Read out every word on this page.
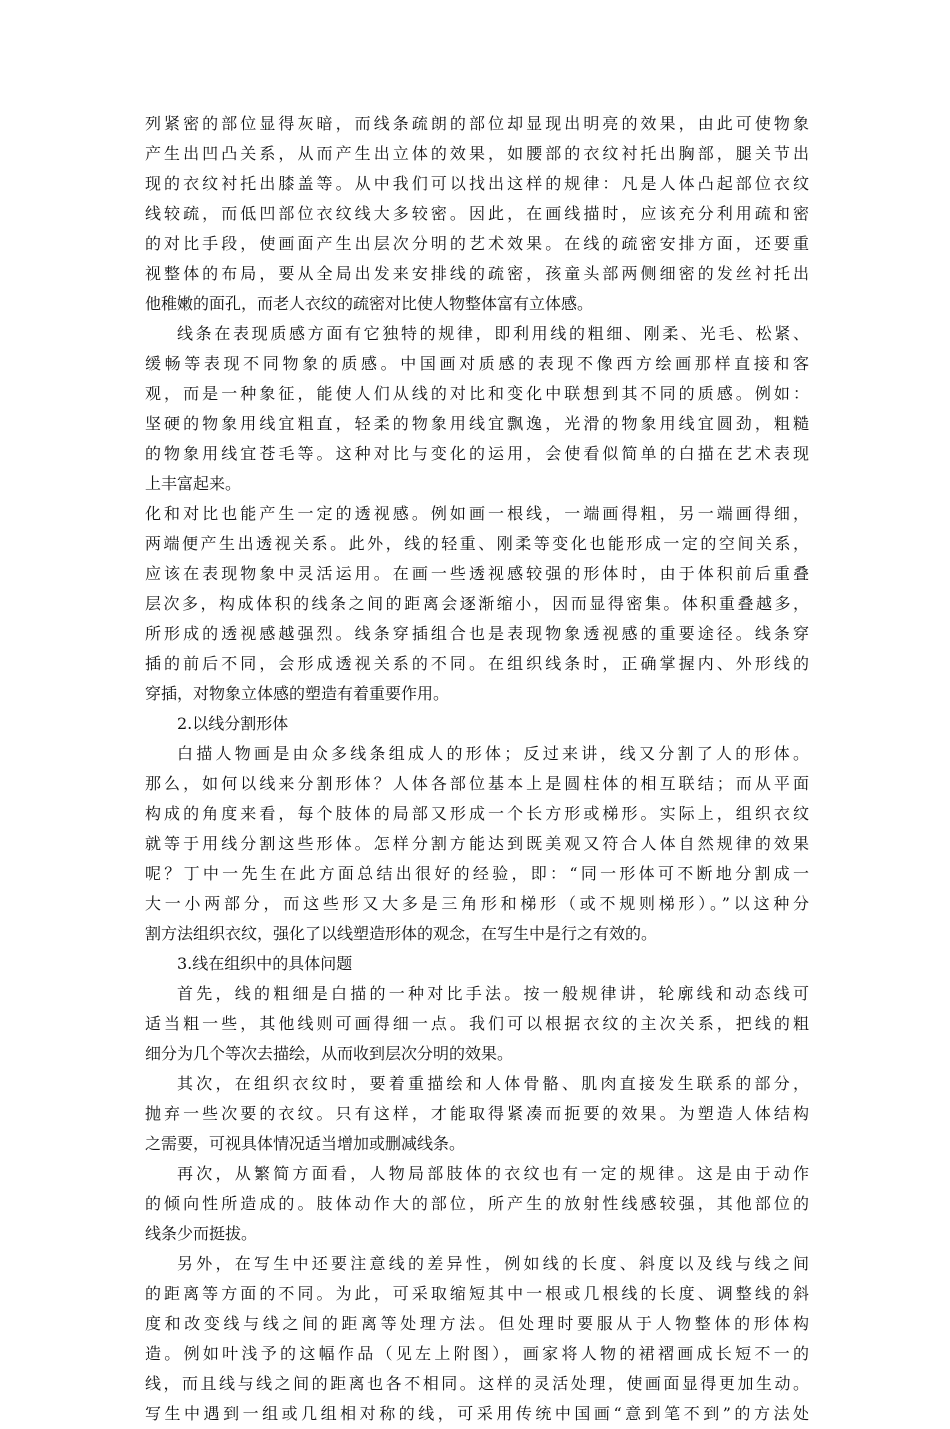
列紧密的部位显得灰暗，而线条疏朗的部位却显现出明亮的效果，由此可使物象
产生出凹凸关系，从而产生出立体的效果，如腰部的衣纹衬托出胸部，腿关节出
现的衣纹衬托出膝盖等。从中我们可以找出这样的规律：凡是人体凸起部位衣纹
线较疏，而低凹部位衣纹线大多较密。因此，在画线描时，应该充分利用疏和密
的对比手段，使画面产生出层次分明的艺术效果。在线的疏密安排方面，还要重
视整体的布局，要从全局出发来安排线的疏密，孩童头部两侧细密的发丝衬托出
他稚嫩的面孔，而老人衣纹的疏密对比使人物整体富有立体感。
线条在表现质感方面有它独特的规律，即利用线的粗细、刚柔、光毛、松紧、
缓畅等表现不同物象的质感。中国画对质感的表现不像西方绘画那样直接和客
观，而是一种象征，能使人们从线的对比和变化中联想到其不同的质感。例如：
坚硬的物象用线宜粗直，轻柔的物象用线宜飘逸，光滑的物象用线宜圆劲，粗糙
的物象用线宜苍毛等。这种对比与变化的运用，会使看似简单的白描在艺术表现
上丰富起来。
化和对比也能产生一定的透视感。例如画一根线，一端画得粗，另一端画得细，
两端便产生出透视关系。此外，线的轻重、刚柔等变化也能形成一定的空间关系，
应该在表现物象中灵活运用。在画一些透视感较强的形体时，由于体积前后重叠
层次多，构成体积的线条之间的距离会逐渐缩小，因而显得密集。体积重叠越多，
所形成的透视感越强烈。线条穿插组合也是表现物象透视感的重要途径。线条穿
插的前后不同，会形成透视关系的不同。在组织线条时，正确掌握内、外形线的
穿插，对物象立体感的塑造有着重要作用。
2.以线分割形体
白描人物画是由众多线条组成人的形体；反过来讲，线又分割了人的形体。
那么，如何以线来分割形体？人体各部位基本上是圆柱体的相互联结；而从平面
构成的角度来看，每个肢体的局部又形成一个长方形或梯形。实际上，组织衣纹
就等于用线分割这些形体。怎样分割方能达到既美观又符合人体自然规律的效果
呢？丁中一先生在此方面总结出很好的经验，即：“同一形体可不断地分割成一
大一小两部分，而这些形又大多是三角形和梯形（或不规则梯形）。”以这种分
割方法组织衣纹，强化了以线塑造形体的观念，在写生中是行之有效的。
3.线在组织中的具体问题
首先，线的粗细是白描的一种对比手法。按一般规律讲，轮廓线和动态线可
适当粗一些，其他线则可画得细一点。我们可以根据衣纹的主次关系，把线的粗
细分为几个等次去描绘，从而收到层次分明的效果。
其次，在组织衣纹时，要着重描绘和人体骨骼、肌肉直接发生联系的部分，
抛弃一些次要的衣纹。只有这样，才能取得紧凑而扼要的效果。为塑造人体结构
之需要，可视具体情况适当增加或删减线条。
再次，从繁简方面看，人物局部肢体的衣纹也有一定的规律。这是由于动作
的倾向性所造成的。肢体动作大的部位，所产生的放射性线感较强，其他部位的
线条少而挺拔。
另外，在写生中还要注意线的差异性，例如线的长度、斜度以及线与线之间
的距离等方面的不同。为此，可采取缩短其中一根或几根线的长度、调整线的斜
度和改变线与线之间的距离等处理方法。但处理时要服从于人物整体的形体构
造。例如叶浅予的这幅作品（见左上附图），画家将人物的裙褶画成长短不一的
线，而且线与线之间的距离也各不相同。这样的灵活处理，使画面显得更加生动。
写生中遇到一组或几组相对称的线，可采用传统中国画“意到笔不到”的方法处
